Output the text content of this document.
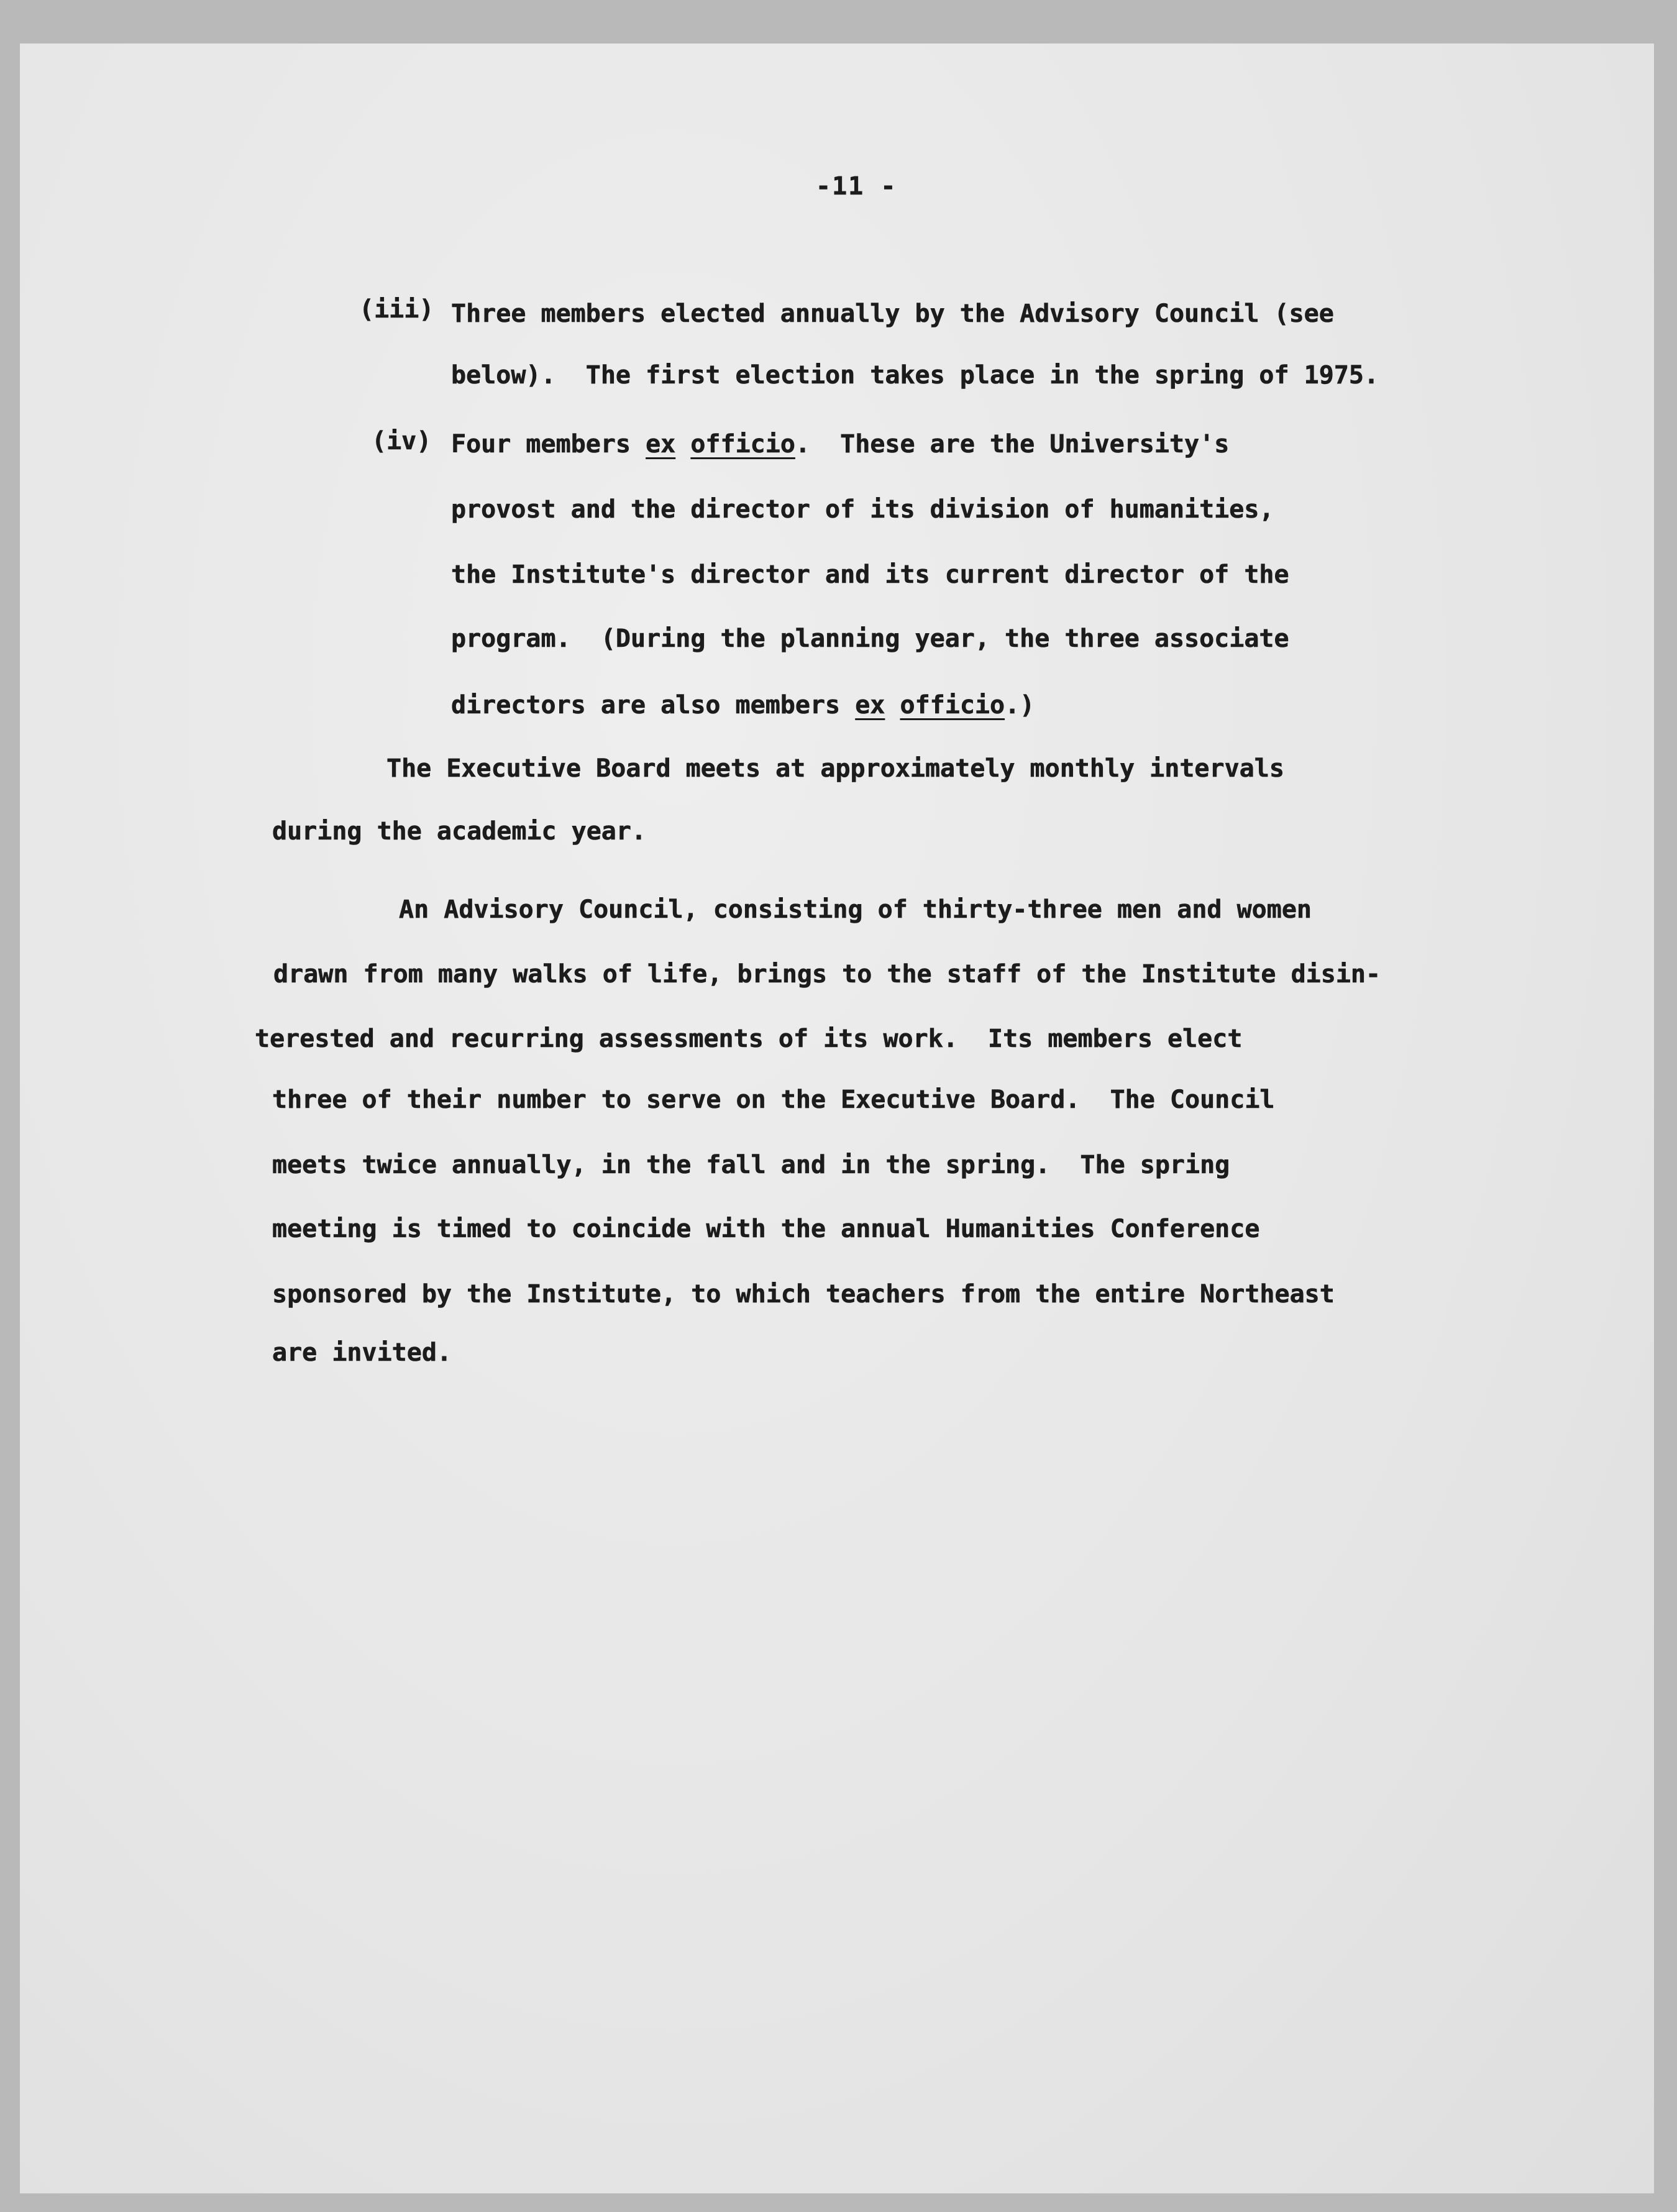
-11 -
(iii) Three members elected annually by the Advisory Council (see
below).  The first election takes place in the spring of 1975.
(iv) Four members ex officio.  These are the University's
provost and the director of its division of humanities,
the Institute's director and its current director of the
program.  (During the planning year, the three associate
directors are also members ex officio.)
The Executive Board meets at approximately monthly intervals
during the academic year.
An Advisory Council, consisting of thirty-three men and women
drawn from many walks of life, brings to the staff of the Institute disin-
terested and recurring assessments of its work.  Its members elect
three of their number to serve on the Executive Board.  The Council
meets twice annually, in the fall and in the spring.  The spring
meeting is timed to coincide with the annual Humanities Conference
sponsored by the Institute, to which teachers from the entire Northeast
are invited.
